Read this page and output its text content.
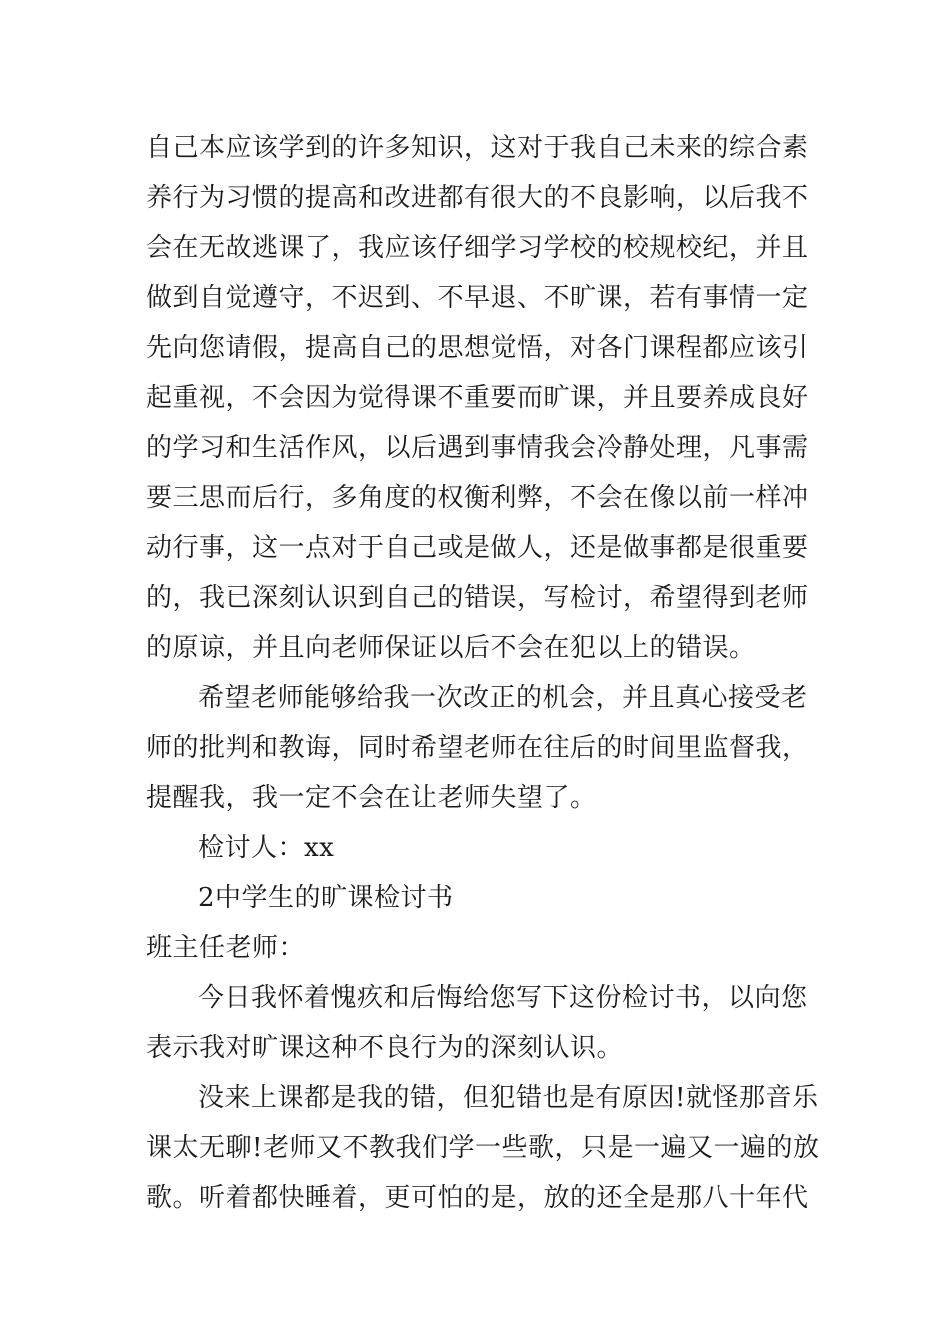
自己本应该学到的许多知识，这对于我自己未来的综合素

养行为习惯的提高和改进都有很大的不良影响，以后我不

会在无故逃课了，我应该仔细学习学校的校规校纪，并且

做到自觉遵守，不迟到、不早退、不旷课，若有事情一定

先向您请假，提高自己的思想觉悟，对各门课程都应该引

起重视，不会因为觉得课不重要而旷课，并且要养成良好

的学习和生活作风，以后遇到事情我会冷静处理，凡事需

要三思而后行，多角度的权衡利弊，不会在像以前一样冲

动行事，这一点对于自己或是做人，还是做事都是很重要

的，我已深刻认识到自己的错误，写检讨，希望得到老师

的原谅，并且向老师保证以后不会在犯以上的错误。

希望老师能够给我一次改正的机会，并且真心接受老

师的批判和教诲，同时希望老师在往后的时间里监督我，

提醒我，我一定不会在让老师失望了。

检讨人：xx

2中学生的旷课检讨书

班主任老师：

今日我怀着愧疚和后悔给您写下这份检讨书，以向您

表示我对旷课这种不良行为的深刻认识。

没来上课都是我的错，但犯错也是有原因!就怪那音乐

课太无聊!老师又不教我们学一些歌，只是一遍又一遍的放

歌。听着都快睡着，更可怕的是，放的还全是那八十年代
